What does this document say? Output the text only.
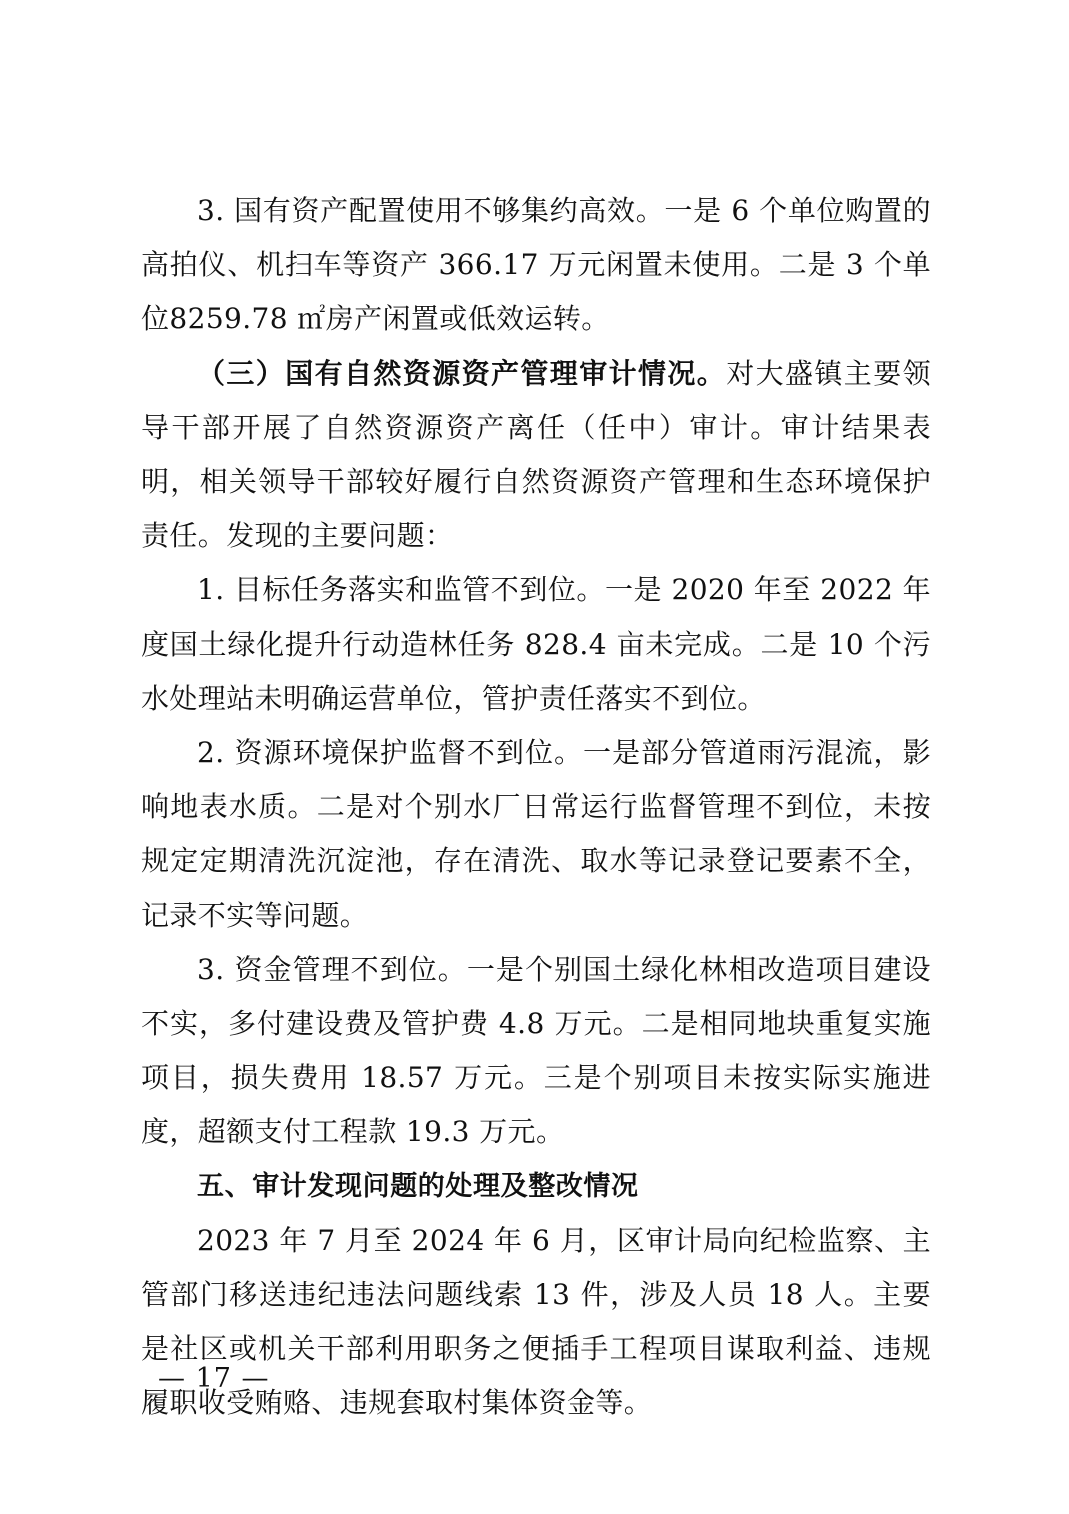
3. 国有资产配置使用不够集约高效。一是 6 个单位购置的高拍仪、机扫车等资产 366.17 万元闲置未使用。二是 3 个单位8259.78 ㎡房产闲置或低效运转。

（三）国有自然资源资产管理审计情况。对大盛镇主要领导干部开展了自然资源资产离任（任中）审计。审计结果表明，相关领导干部较好履行自然资源资产管理和生态环境保护责任。发现的主要问题：

1. 目标任务落实和监管不到位。一是 2020 年至 2022 年度国土绿化提升行动造林任务 828.4 亩未完成。二是 10 个污水处理站未明确运营单位，管护责任落实不到位。

2. 资源环境保护监督不到位。一是部分管道雨污混流，影响地表水质。二是对个别水厂日常运行监督管理不到位，未按规定定期清洗沉淀池，存在清洗、取水等记录登记要素不全，记录不实等问题。

3. 资金管理不到位。一是个别国土绿化林相改造项目建设不实，多付建设费及管护费 4.8 万元。二是相同地块重复实施项目，损失费用 18.57 万元。三是个别项目未按实际实施进度，超额支付工程款 19.3 万元。

五、审计发现问题的处理及整改情况

2023 年 7 月至 2024 年 6 月，区审计局向纪检监察、主管部门移送违纪违法问题线索 13 件，涉及人员 18 人。主要是社区或机关干部利用职务之便插手工程项目谋取利益、违规履职收受贿赂、违规套取村集体资金等。

— 17 —
